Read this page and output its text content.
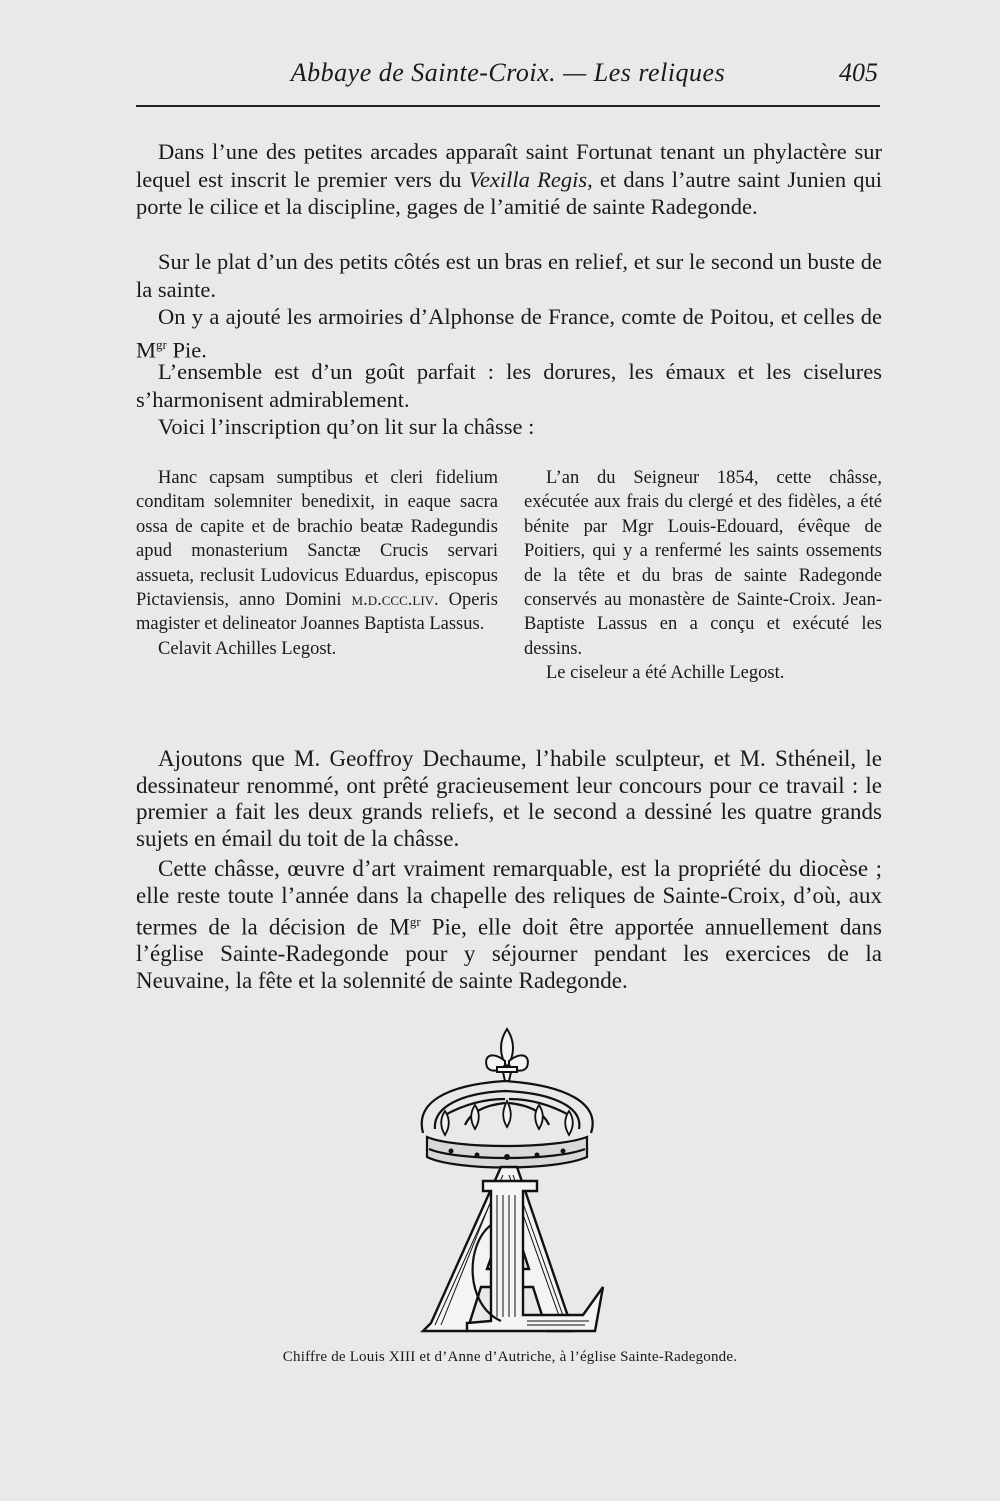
Abbaye de Sainte-Croix. — Les reliques	405

Dans l’une des petites arcades apparaît saint Fortunat tenant un phylactère sur lequel est inscrit le premier vers du Vexilla Regis, et dans l’autre saint Junien qui porte le cilice et la discipline, gages de l’amitié de sainte Radegonde.

Sur le plat d’un des petits côtés est un bras en relief, et sur le second un buste de la sainte.

On y a ajouté les armoiries d’Alphonse de France, comte de Poitou, et celles de $M^{gr}$ Pie.

L’ensemble est d’un goût parfait : les dorures, les émaux et les ciselures s’harmonisent admirablement.

Voici l’inscription qu’on lit sur la châsse :

Hanc capsam sumptibus et cleri fidelium conditam solemniter benedixit, in eaque sacra ossa de capite et de brachio beatæ Radegundis apud monasterium Sanctæ Crucis servari assueta, reclusit Ludovicus Eduardus, episcopus Pictaviensis, anno Domini m.d.ccc.liv. Operis magister et delineator Joannes Baptista Lassus.

Celavit Achilles Legost.

L’an du Seigneur 1854, cette châsse, exécutée aux frais du clergé et des fidèles, a été bénite par Mgr Louis-Edouard, évêque de Poitiers, qui y a renfermé les saints ossements de la tête et du bras de sainte Radegonde conservés au monastère de Sainte-Croix. Jean-Baptiste Lassus en a conçu et exécuté les dessins.

Le ciseleur a été Achille Legost.

Ajoutons que M. Geoffroy Dechaume, l’habile sculpteur, et M. Sthéneil, le dessinateur renommé, ont prêté gracieusement leur concours pour ce travail : le premier a fait les deux grands reliefs, et le second a dessiné les quatre grands sujets en émail du toit de la châsse.

Cette châsse, œuvre d’art vraiment remarquable, est la propriété du diocèse ; elle reste toute l’année dans la chapelle des reliques de Sainte-Croix, d’où, aux termes de la décision de $M^{gr}$ Pie, elle doit être apportée annuellement dans l’église Sainte-Radegonde pour y séjourner pendant les exercices de la Neuvaine, la fête et la solennité de sainte Radegonde.

Chiffre de Louis XIII et d’Anne d’Autriche, à l’église Sainte-Radegonde.
